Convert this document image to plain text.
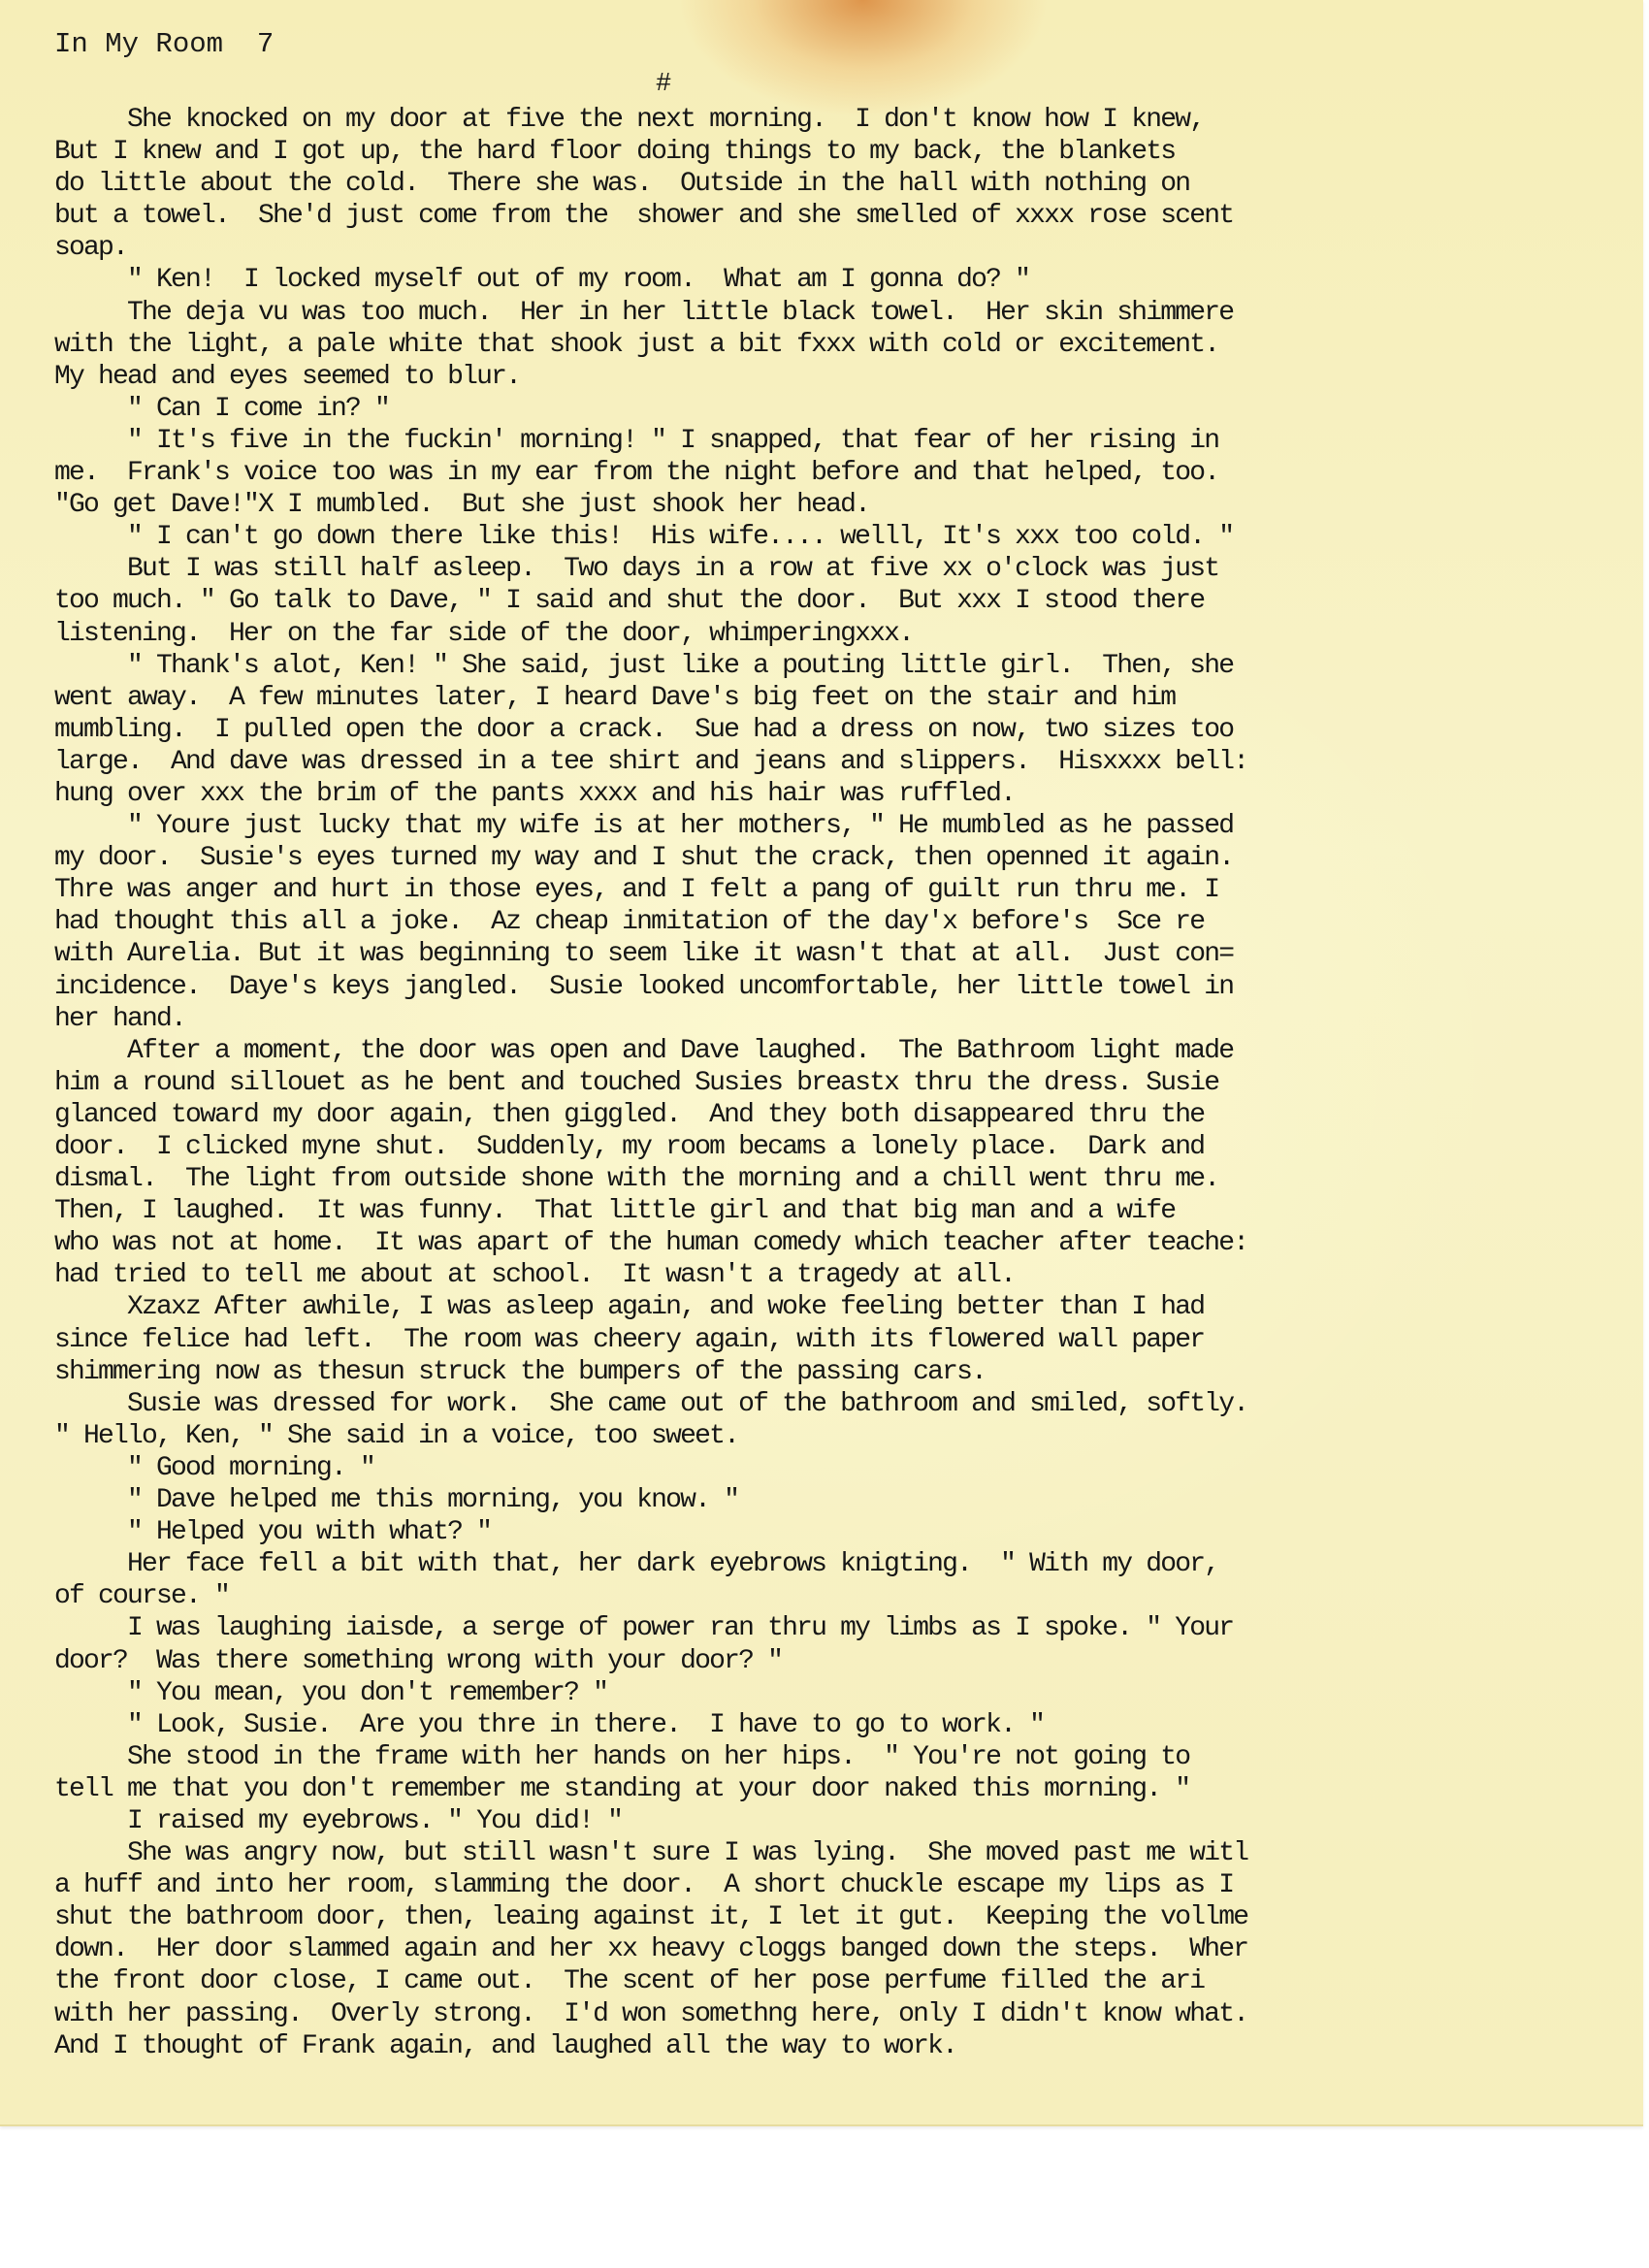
In My Room 7
#
She knocked on my door at five the next morning.  I don't know how I knew,
But I knew and I got up, the hard floor doing things to my back, the blankets
do little about the cold.  There she was.  Outside in the hall with nothing on
but a towel.  She'd just come from the  shower and she smelled of xxxx rose scent
soap.
" Ken!  I locked myself out of my room.  What am I gonna do? "
The deja vu was too much.  Her in her little black towel.  Her skin shimmere
with the light, a pale white that shook just a bit fxxx with cold or excitement.
My head and eyes seemed to blur.
" Can I come in? "
" It's five in the fuckin' morning! " I snapped, that fear of her rising in
me.  Frank's voice too was in my ear from the night before and that helped, too.
"Go get Dave!"X I mumbled.  But she just shook her head.
" I can't go down there like this!  His wife.... welll, It's xxx too cold. "
But I was still half asleep.  Two days in a row at five xx o'clock was just
too much. " Go talk to Dave, " I said and shut the door.  But xxx I stood there
listening.  Her on the far side of the door, whimperingxxx.
" Thank's alot, Ken! " She said, just like a pouting little girl.  Then, she
went away.  A few minutes later, I heard Dave's big feet on the stair and him
mumbling.  I pulled open the door a crack.  Sue had a dress on now, two sizes too
large.  And dave was dressed in a tee shirt and jeans and slippers.  Hisxxxx bell:
hung over xxx the brim of the pants xxxx and his hair was ruffled.
" Youre just lucky that my wife is at her mothers, " He mumbled as he passed
my door.  Susie's eyes turned my way and I shut the crack, then openned it again.
Thre was anger and hurt in those eyes, and I felt a pang of guilt run thru me. I
had thought this all a joke.  Az cheap inmitation of the day'x before's  Sce re
with Aurelia. But it was beginning to seem like it wasn't that at all.  Just con=
incidence.  Daye's keys jangled.  Susie looked uncomfortable, her little towel in
her hand.
After a moment, the door was open and Dave laughed.  The Bathroom light made
him a round sillouet as he bent and touched Susies breastx thru the dress. Susie
glanced toward my door again, then giggled.  And they both disappeared thru the
door.  I clicked myne shut.  Suddenly, my room becams a lonely place.  Dark and
dismal.  The light from outside shone with the morning and a chill went thru me.
Then, I laughed.  It was funny.  That little girl and that big man and a wife
who was not at home.  It was apart of the human comedy which teacher after teache:
had tried to tell me about at school.  It wasn't a tragedy at all.
Xzaxz After awhile, I was asleep again, and woke feeling better than I had
since felice had left.  The room was cheery again, with its flowered wall paper
shimmering now as thesun struck the bumpers of the passing cars.
Susie was dressed for work.  She came out of the bathroom and smiled, softly.
" Hello, Ken, " She said in a voice, too sweet.
" Good morning. "
" Dave helped me this morning, you know. "
" Helped you with what? "
Her face fell a bit with that, her dark eyebrows knigting.  " With my door,
of course. "
I was laughing iaisde, a serge of power ran thru my limbs as I spoke. " Your
door?  Was there something wrong with your door? "
" You mean, you don't remember? "
" Look, Susie.  Are you thre in there.  I have to go to work. "
She stood in the frame with her hands on her hips.  " You're not going to
tell me that you don't remember me standing at your door naked this morning. "
I raised my eyebrows. " You did! "
She was angry now, but still wasn't sure I was lying.  She moved past me witl
a huff and into her room, slamming the door.  A short chuckle escape my lips as I
shut the bathroom door, then, leaing against it, I let it gut.  Keeping the vollme
down.  Her door slammed again and her xx heavy cloggs banged down the steps.  Wher
the front door close, I came out.  The scent of her pose perfume filled the ari
with her passing.  Overly strong.  I'd won somethng here, only I didn't know what.
And I thought of Frank again, and laughed all the way to work.
